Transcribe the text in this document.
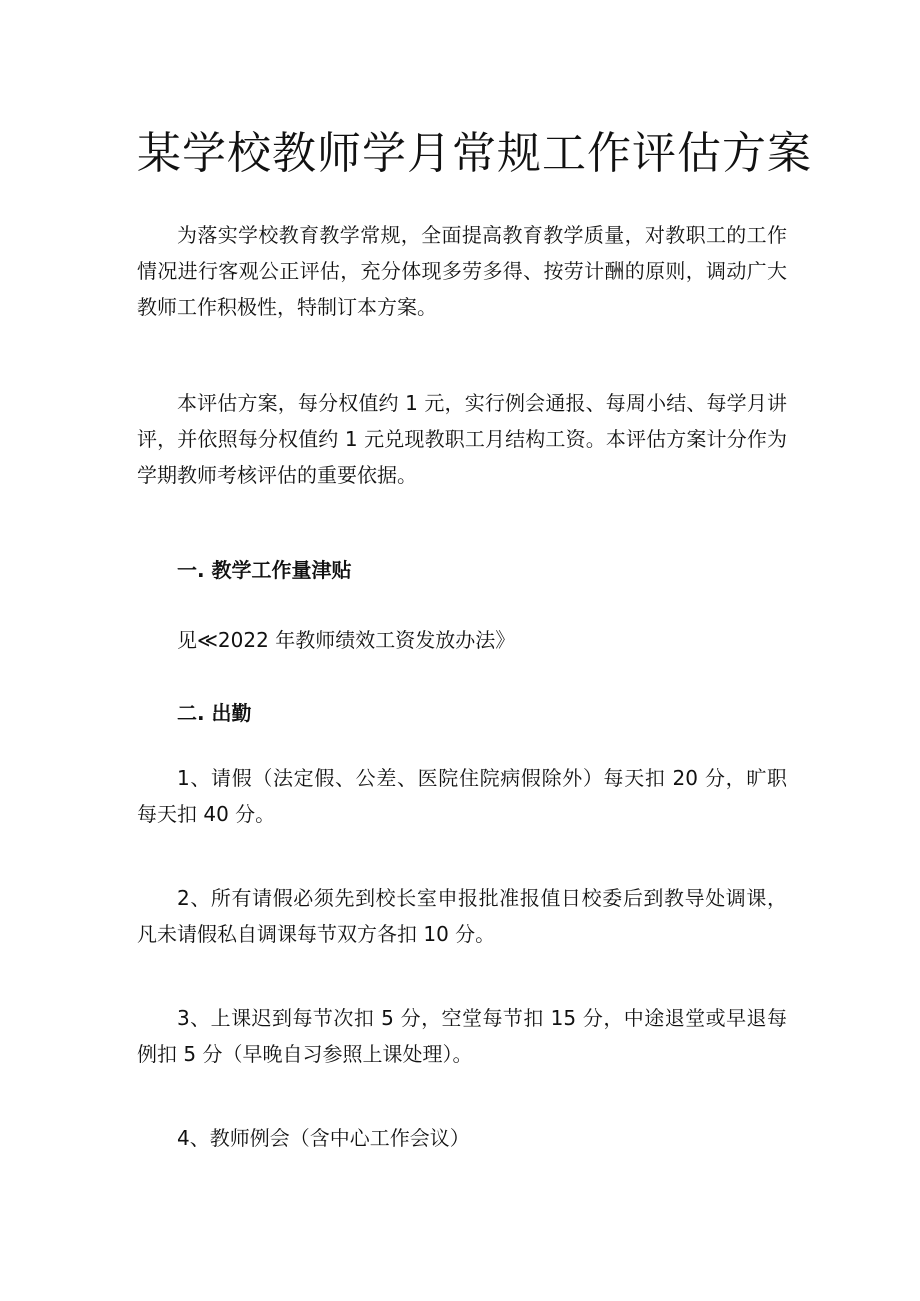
某学校教师学月常规工作评估方案

为落实学校教育教学常规，全面提高教育教学质量，对教职工的工作情况进行客观公正评估，充分体现多劳多得、按劳计酬的原则，调动广大教师工作积极性，特制订本方案。

本评估方案，每分权值约 1 元，实行例会通报、每周小结、每学月讲评，并依照每分权值约 1 元兑现教职工月结构工资。本评估方案计分作为学期教师考核评估的重要依据。

一. 教学工作量津贴

见≪2022 年教师绩效工资发放办法》

二. 出勤

1、请假（法定假、公差、医院住院病假除外）每天扣 20 分，旷职每天扣 40 分。

2、所有请假必须先到校长室申报批准报值日校委后到教导处调课，凡未请假私自调课每节双方各扣 10 分。

3、上课迟到每节次扣 5 分，空堂每节扣 15 分，中途退堂或早退每例扣 5 分（早晚自习参照上课处理）。

4、教师例会（含中心工作会议）
